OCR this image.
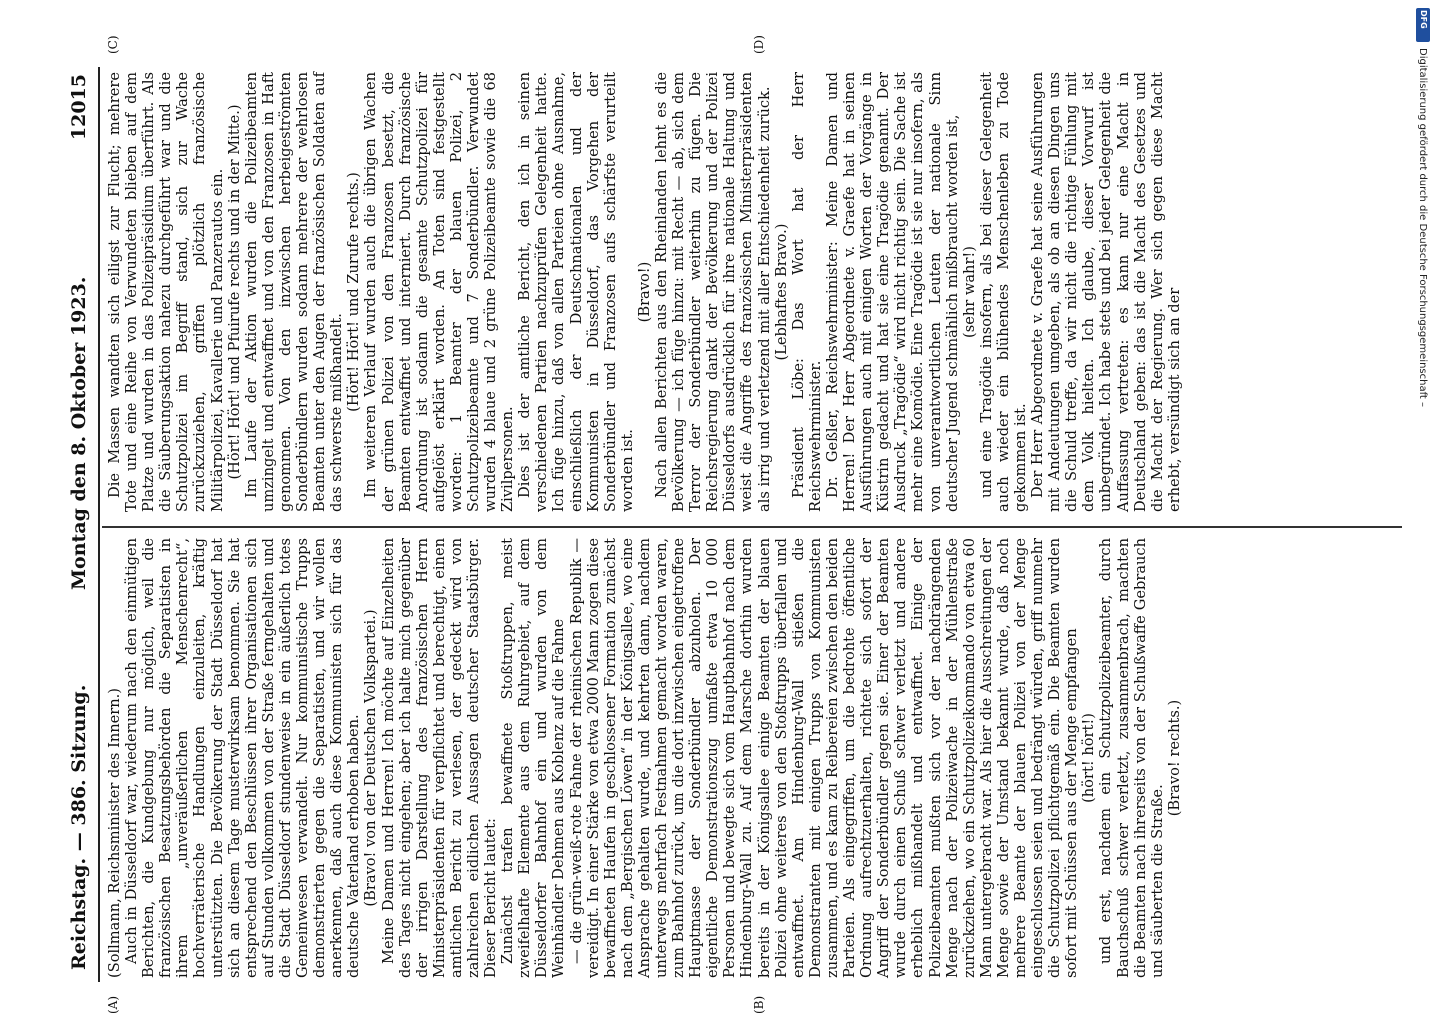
Reichstag. — 386. Sitzung.
Montag den 8. Oktober 1923.
12015

(Sollmann, Reichsminister des Innern.) Auch in Düsseldorf war, wiederum nach den einmütigen Berichten, die Kundgebung nur möglich, weil die französischen Besatzungsbehörden die Separatisten in ihrem „unveräußerlichen Menschenrecht“, hochverräterische Handlungen einzuleiten, kräftig unterstützten. Die Bevölkerung der Stadt Düsseldorf hat sich an diesem Tage musterwirksam benommen. Sie hat entsprechend den Beschlüssen ihrer Organisationen sich auf Stunden vollkommen von der Straße ferngehalten und die Stadt Düsseldorf stundenweise in ein äußerlich totes Gemeinwesen verwandelt. Nur kommunistische Trupps demonstrierten gegen die Separatisten, und wir wollen anerkennen, daß auch diese Kommunisten sich für das deutsche Vaterland erhoben haben. (Bravo! von der Deutschen Volkspartei.) Meine Damen und Herren! Ich möchte auf Einzelheiten des Tages nicht eingehen; aber ich halte mich gegenüber der irrigen Darstellung des französischen Herrn Ministerpräsidenten für verpflichtet und berechtigt, einen amtlichen Bericht zu verlesen, der gedeckt wird von zahlreichen eidlichen Aussagen deutscher Staatsbürger. Dieser Bericht lautet: Zunächst trafen bewaffnete Stoßtruppen, meist zweifelhafte Elemente aus dem Ruhrgebiet, auf dem Düsseldorfer Bahnhof ein und wurden von dem Weinhändler Dehmen aus Koblenz auf die Fahne — die grün-weiß-rote Fahne der rheinischen Republik — vereidigt. In einer Stärke von etwa 2000 Mann zogen diese bewaffneten Haufen in geschlossener Formation zunächst nach dem „Bergischen Löwen“ in der Königsallee, wo eine Ansprache gehalten wurde, und kehrten dann, nachdem unterwegs mehrfach Festnahmen gemacht worden waren, zum Bahnhof zurück, um die dort inzwischen eingetroffene Hauptmasse der Sonderbündler abzuholen. Der eigentliche Demonstrationszug umfaßte etwa 10 000 Personen und bewegte sich vom Hauptbahnhof nach dem Hindenburg-Wall zu. Auf dem Marsche dorthin wurden bereits in der Königsallee einige Beamten der blauen Polizei ohne weiteres von den Stoßtrupps überfallen und entwaffnet. Am Hindenburg-Wall stießen die Demonstranten mit einigen Trupps von Kommunisten zusammen, und es kam zu Reibereien zwischen den beiden Parteien. Als eingegriffen, um die bedrohte öffentliche Ordnung aufrechtzuerhalten, richtete sich sofort der Angriff der Sonderbündler gegen sie. Einer der Beamten wurde durch einen Schuß schwer verletzt und andere erheblich mißhandelt und entwaffnet. Einige der Polizeibeamten mußten sich vor der nachdrängenden Menge nach der Polizeiwache in der Mühlenstraße zurückziehen, wo ein Schutzpolizeikommando von etwa 60 Mann untergebracht war. Als hier die Ausschreitungen der Menge sowie der Umstand bekannt wurde, daß noch mehrere Beamte der blauen Polizei von der Menge eingeschlossen seien und bedrängt würden, griff nunmehr die Schutzpolizei pflichtgemäß ein. Die Beamten wurden sofort mit Schüssen aus der Menge empfangen (hört! hört!) und erst, nachdem ein Schutzpolizeibeamter, durch Bauchschuß schwer verletzt, zusammenbrach, machten die Beamten nach ihrerseits von der Schußwaffe Gebrauch und säuberten die Straße.

(Bravo! rechts.)

Die Massen wandten sich eiligst zur Flucht; mehrere Tote und eine Reihe von Verwundeten blieben auf dem Platze und wurden in das Polizeipräsidium überführt. Als die Säuberungsaktion nahezu durchgeführt war und die Schutzpolizei im Begriff stand, sich zur Wache zurückzuziehen, griffen plötzlich französische Militärpolizei, Kavallerie und Panzerautos ein. (Hört! Hört! und Pfuirufe rechts und in der Mitte.) Im Laufe der Aktion wurden die Polizeibeamten umzingelt und entwaffnet und von den Franzosen in Haft genommen. Von den inzwischen herbeigeströmten Sonderbündlern wurden sodann mehrere der wehrlosen Beamten unter den Augen der französischen Soldaten auf das schwerste mißhandelt.

(Hört! Hört! und Zurufe rechts.) Im weiteren Verlauf wurden auch die übrigen Wachen der grünen Polizei von den Franzosen besetzt, die Beamten entwaffnet und interniert. Durch französische Anordnung ist sodann die gesamte Schutzpolizei für aufgelöst erklärt worden. An Toten sind festgestellt worden: 1 Beamter der blauen Polizei, 2 Schutzpolizeibeamte und 7 Sonderbündler. Verwundet wurden 4 blaue und 2 grüne Polizeibeamte sowie die 68 Zivilpersonen. Dies ist der amtliche Bericht, den ich in seinen verschiedenen Partien nachzuprüfen Gelegenheit hatte. Ich füge hinzu, daß von allen Parteien ohne Ausnahme, einschließlich der Deutschnationalen und der Kommunisten in Düsseldorf, das Vorgehen der Sonderbündler und Franzosen aufs schärfste verurteilt worden ist.

(Bravo!) Nach allen Berichten aus den Rheinlanden lehnt es die Bevölkerung — ich füge hinzu: mit Recht — ab, sich dem Terror der Sonderbündler weiterhin zu fügen. Die Reichsregierung dankt der Bevölkerung und der Polizei Düsseldorfs ausdrücklich für ihre nationale Haltung und weist die Angriffe des französischen Ministerpräsidenten als irrig und verletzend mit aller Entschiedenheit zurück. (Lebhaftes Bravo.) Präsident Löbe: Das Wort hat der Herr Reichswehrminister. Dr. Geßler, Reichswehrminister: Meine Damen und Herren! Der Herr Abgeordnete v. Graefe hat in seinen Ausführungen auch mit einigen Worten der Vorgänge in Küstrin gedacht und hat sie eine Tragödie genannt. Der Ausdruck „Tragödie“ wird nicht richtig sein. Die Sache ist mehr eine Komödie. Eine Tragödie ist sie nur insofern, als von unverantwortlichen Leuten der nationale Sinn deutscher Jugend schmählich mißbraucht worden ist, (sehr wahr!) und eine Tragödie insofern, als bei dieser Gelegenheit auch wieder ein blühendes Menschenleben zu Tode gekommen ist. Der Herr Abgeordnete v. Graefe hat seine Ausführungen mit Andeutungen umgeben, als ob an diesen Dingen uns die Schuld treffe, da wir nicht die richtige Fühlung mit dem Volk hielten. Ich glaube, dieser Vorwurf ist unbegründet. Ich habe stets und bei jeder Gelegenheit die Auffassung vertreten: es kann nur eine Macht in Deutschland geben: das ist die Macht des Gesetzes und die Macht der Regierung. Wer sich gegen diese Macht erhebt, versündigt sich an der

(A)	(B)
(C)	(D)
DFG
Digitalisierung gefördert durch die Deutsche Forschungsgemeinschaft –
